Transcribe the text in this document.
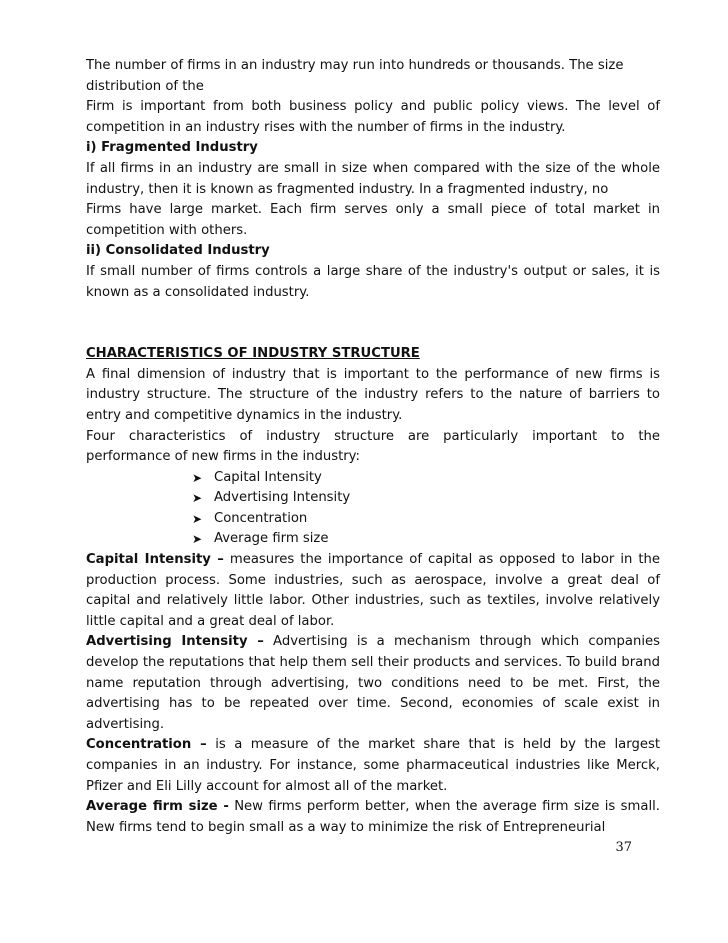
The number of firms in an industry may run into hundreds or thousands. The size

distribution of the

Firm is important from both business policy and public policy views. The level of competition in an industry rises with the number of firms in the industry.

i) Fragmented Industry

If all firms in an industry are small in size when compared with the size of the whole industry, then it is known as fragmented industry. In a fragmented industry, no

Firms have large market. Each firm serves only a small piece of total market in competition with others.

ii) Consolidated Industry

If small number of firms controls a large share of the industry's output or sales, it is known as a consolidated industry.

CHARACTERISTICS OF INDUSTRY STRUCTURE

A final dimension of industry that is important to the performance of new firms is industry structure. The structure of the industry refers to the nature of barriers to entry and competitive dynamics in the industry.

Four characteristics of industry structure are particularly important to the performance of new firms in the industry:

➤ Capital Intensity
➤ Advertising Intensity
➤ Concentration
➤ Average firm size

Capital Intensity – measures the importance of capital as opposed to labor in the production process. Some industries, such as aerospace, involve a great deal of capital and relatively little labor. Other industries, such as textiles, involve relatively little capital and a great deal of labor.

Advertising Intensity – Advertising is a mechanism through which companies develop the reputations that help them sell their products and services. To build brand name reputation through advertising, two conditions need to be met. First, the advertising has to be repeated over time. Second, economies of scale exist in advertising.

Concentration – is a measure of the market share that is held by the largest companies in an industry. For instance, some pharmaceutical industries like Merck, Pfizer and Eli Lilly account for almost all of the market.

Average firm size - New firms perform better, when the average firm size is small. New firms tend to begin small as a way to minimize the risk of Entrepreneurial

37
